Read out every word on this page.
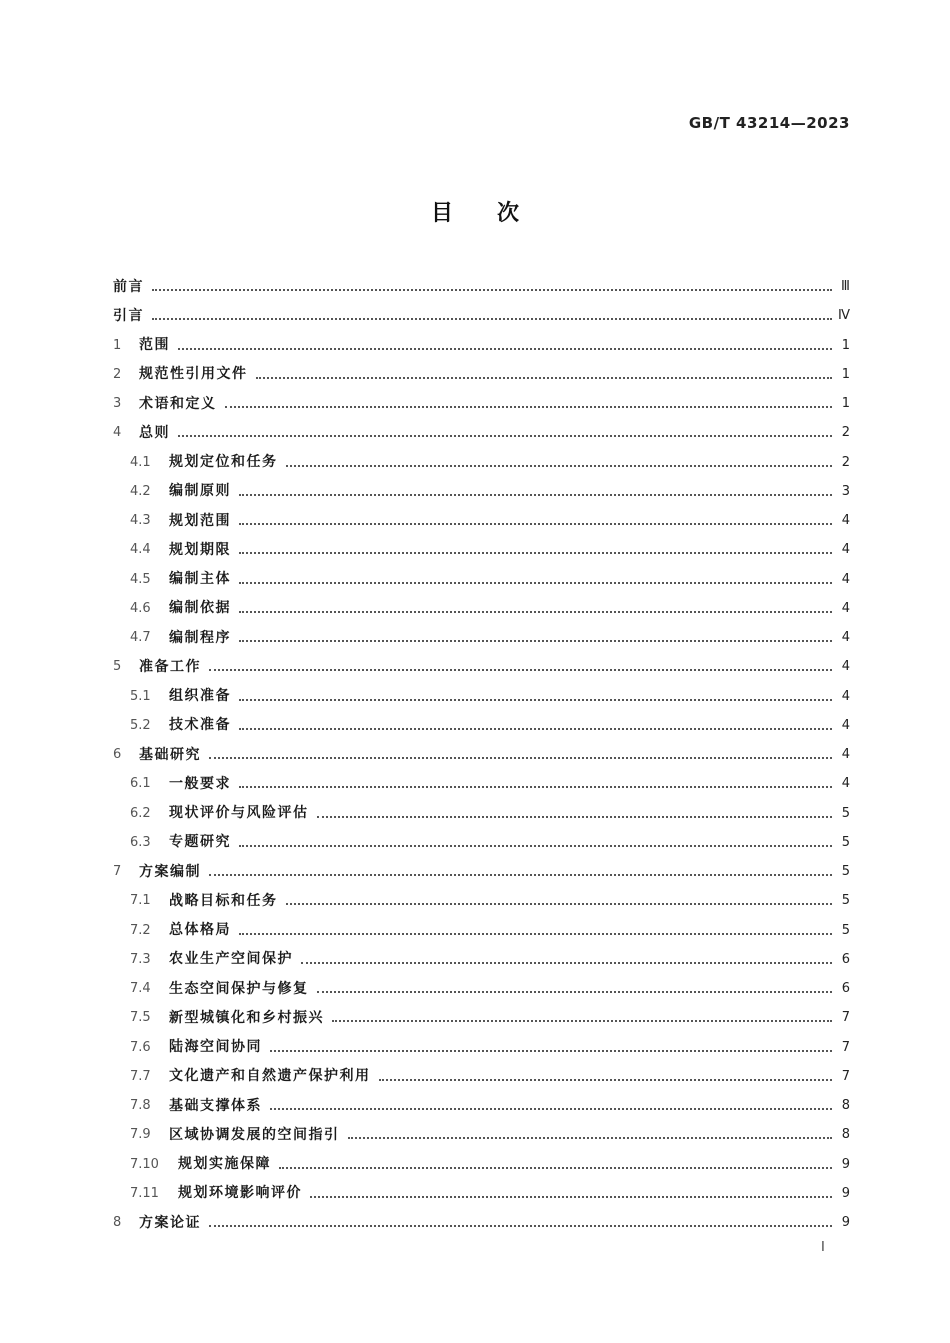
GB/T 43214—2023
目次
前言	Ⅲ
引言	Ⅳ
1	范围	1
2	规范性引用文件	1
3	术语和定义	1
4	总则	2
4.1	规划定位和任务	2
4.2	编制原则	3
4.3	规划范围	4
4.4	规划期限	4
4.5	编制主体	4
4.6	编制依据	4
4.7	编制程序	4
5	准备工作	4
5.1	组织准备	4
5.2	技术准备	4
6	基础研究	4
6.1	一般要求	4
6.2	现状评价与风险评估	5
6.3	专题研究	5
7	方案编制	5
7.1	战略目标和任务	5
7.2	总体格局	5
7.3	农业生产空间保护	6
7.4	生态空间保护与修复	6
7.5	新型城镇化和乡村振兴	7
7.6	陆海空间协同	7
7.7	文化遗产和自然遗产保护利用	7
7.8	基础支撑体系	8
7.9	区域协调发展的空间指引	8
7.10	规划实施保障	9
7.11	规划环境影响评价	9
8	方案论证	9
I
